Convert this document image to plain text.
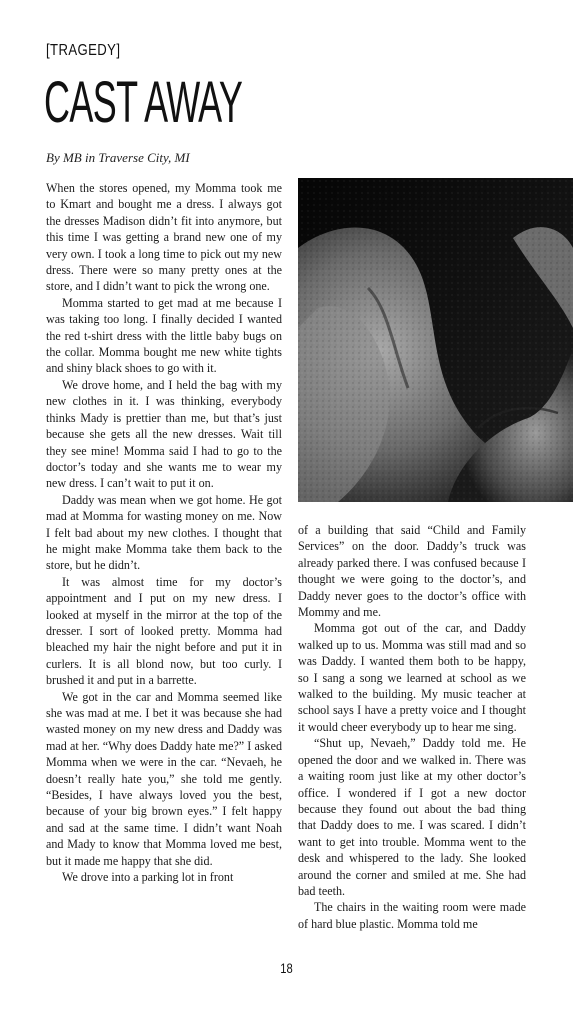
[TRAGEDY]
CAST AWAY
By MB in Traverse City, MI

When the stores opened, my Momma took me to Kmart and bought me a dress. I always got the dresses Madison didn’t fit into anymore, but this time I was getting a brand new one of my very own. I took a long time to pick out my new dress. There were so many pretty ones at the store, and I didn’t want to pick the wrong one.

Momma started to get mad at me because I was taking too long. I finally decided I wanted the red t-shirt dress with the little baby bugs on the collar. Momma bought me new white tights and shiny black shoes to go with it.

We drove home, and I held the bag with my new clothes in it. I was thinking, everybody thinks Mady is prettier than me, but that’s just because she gets all the new dresses. Wait till they see mine! Momma said I had to go to the doctor’s today and she wants me to wear my new dress. I can’t wait to put it on.

Daddy was mean when we got home. He got mad at Momma for wasting money on me. Now I felt bad about my new clothes. I thought that he might make Momma take them back to the store, but he didn’t.

It was almost time for my doctor’s appointment and I put on my new dress. I looked at myself in the mirror at the top of the dresser. I sort of looked pretty. Momma had bleached my hair the night before and put it in curlers. It is all blond now, but too curly. I brushed it and put in a barrette.

We got in the car and Momma seemed like she was mad at me. I bet it was because she had wasted money on my new dress and Daddy was mad at her. “Why does Daddy hate me?” I asked Momma when we were in the car. “Nevaeh, he doesn’t really hate you,” she told me gently. “Besides, I have always loved you the best, because of your big brown eyes.” I felt happy and sad at the same time. I didn’t want Noah and Mady to know that Momma loved me best, but it made me happy that she did.

We drove into a parking lot in front

of a building that said “Child and Family Services” on the door. Daddy’s truck was already parked there. I was confused because I thought we were going to the doctor’s, and Daddy never goes to the doctor’s office with Mommy and me.

Momma got out of the car, and Daddy walked up to us. Momma was still mad and so was Daddy. I wanted them both to be happy, so I sang a song we learned at school as we walked to the building. My music teacher at school says I have a pretty voice and I thought it would cheer everybody up to hear me sing.

“Shut up, Nevaeh,” Daddy told me. He opened the door and we walked in. There was a waiting room just like at my other doctor’s office. I wondered if I got a new doctor because they found out about the bad thing that Daddy does to me. I was scared. I didn’t want to get into trouble. Momma went to the desk and whispered to the lady. She looked around the corner and smiled at me. She had bad teeth.

The chairs in the waiting room were made of hard blue plastic. Momma told me

18
